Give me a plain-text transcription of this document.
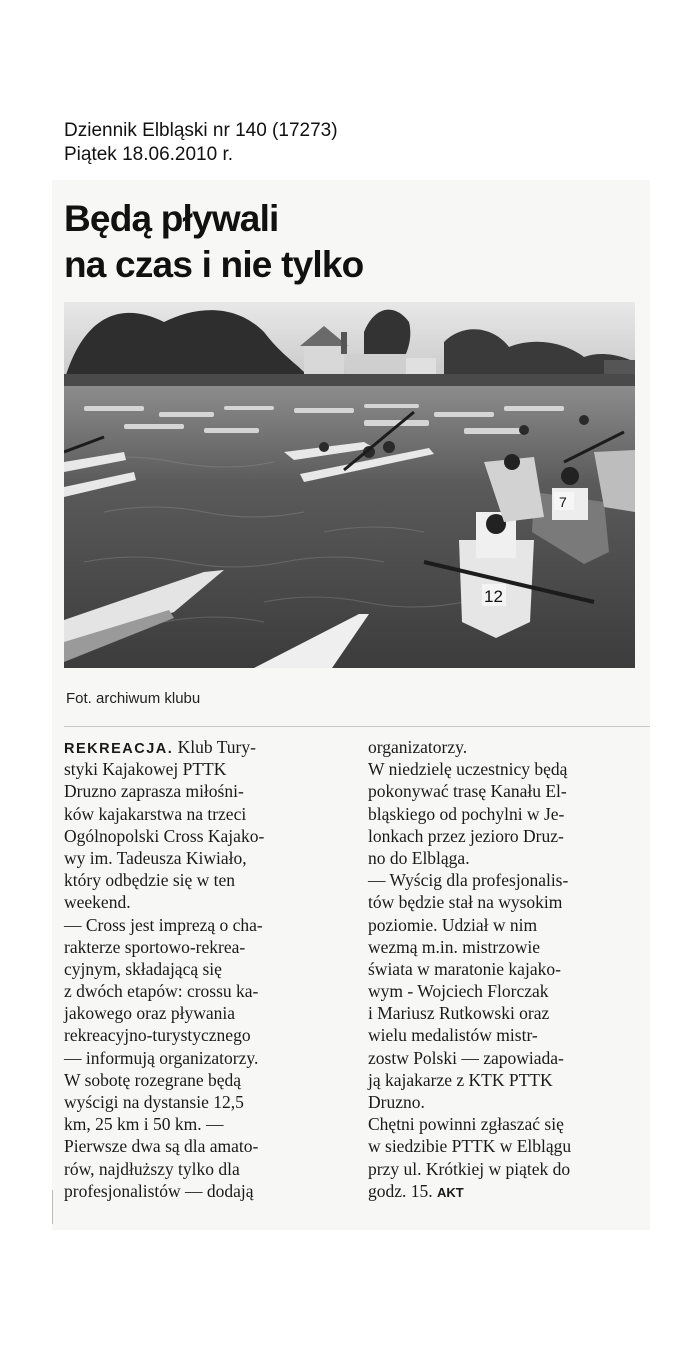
Dziennik Elbląski nr 140 (17273)
Piątek 18.06.2010 r.
Będą pływali
na czas i nie tylko
12
7
Fot. archiwum klubu
REKREACJA. Klub Tury-
styki Kajakowej PTTK
Druzno zaprasza miłośni-
ków kajakarstwa na trzeci
Ogólnopolski Cross Kajako-
wy im. Tadeusza Kiwiało,
który odbędzie się w ten
weekend.
— Cross jest imprezą o cha-
rakterze sportowo-rekrea-
cyjnym, składającą się
z dwóch etapów: crossu ka-
jakowego oraz pływania
rekreacyjno-turystycznego
— informują organizatorzy.
W sobotę rozegrane będą
wyścigi na dystansie 12,5
km, 25 km i 50 km. —
Pierwsze dwa są dla amato-
rów, najdłuższy tylko dla
profesjonalistów — dodają
organizatorzy.
W niedzielę uczestnicy będą
pokonywać trasę Kanału El-
bląskiego od pochylni w Je-
lonkach przez jezioro Druz-
no do Elbląga.
— Wyścig dla profesjonalis-
tów będzie stał na wysokim
poziomie. Udział w nim
wezmą m.in. mistrzowie
świata w maratonie kajako-
wym - Wojciech Florczak
i Mariusz Rutkowski oraz
wielu medalistów mistr-
zostw Polski — zapowiada-
ją kajakarze z KTK PTTK
Druzno.
Chętni powinni zgłaszać się
w siedzibie PTTK w Elblągu
przy ul. Krótkiej w piątek do
godz. 15. AKT
